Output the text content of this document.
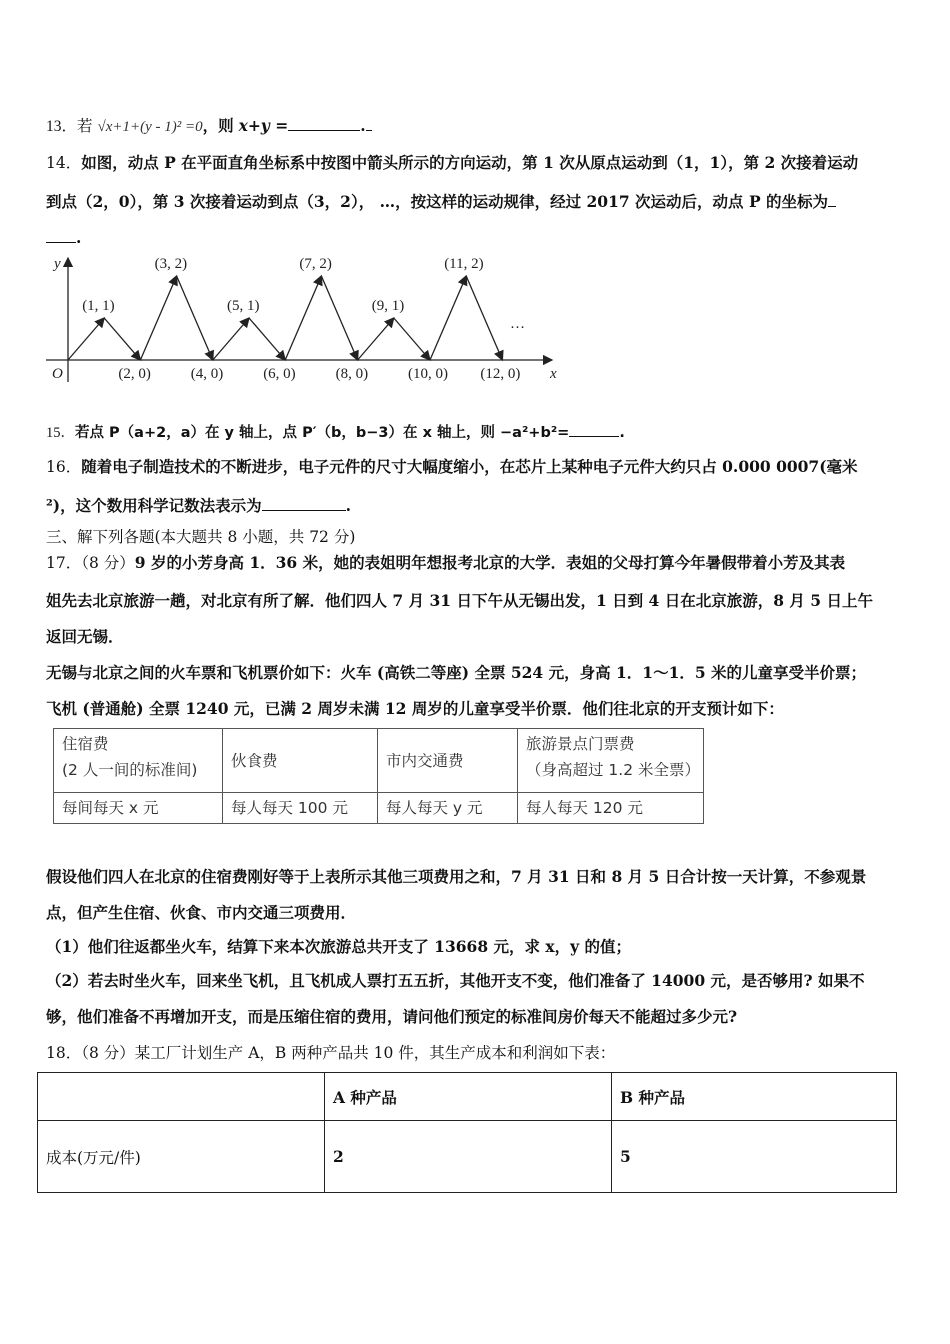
13．若 √x+1+(y - 1)² =0，则 x+y =	.
14．如图，动点 P 在平面直角坐标系中按图中箭头所示的方向运动，第 1 次从原点运动到（1，1），第 2 次接着运动
到点（2，0），第 3 次接着运动到点（3，2）， …，按这样的运动规律，经过 2017 次运动后，动点 P 的坐标为
.
y
x
O
…
(1, 1)
(3, 2)
(5, 1)
(7, 2)
(9, 1)
(11, 2)
(2, 0)	(4, 0)	(6, 0)	(8, 0)	(10, 0) (12, 0)
15．若点 P（a+2，a）在 y 轴上，点 P′（b，b−3）在 x 轴上，则 −a²+b²=	.
16．随着电子制造技术的不断进步，电子元件的尺寸大幅度缩小，在芯片上某种电子元件大约只占 0.000 0007(毫米
²)，这个数用科学记数法表示为	.
三、解下列各题(本大题共 8 小题，共 72 分)
17．（8 分）9 岁的小芳身高 1．36 米，她的表姐明年想报考北京的大学．表姐的父母打算今年暑假带着小芳及其表
姐先去北京旅游一趟，对北京有所了解．他们四人 7 月 31 日下午从无锡出发，1 日到 4 日在北京旅游，8 月 5 日上午
返回无锡．
无锡与北京之间的火车票和飞机票价如下：火车 (高铁二等座) 全票 524 元，身高 1．1～1．5 米的儿童享受半价票；
飞机 (普通舱) 全票 1240 元，已满 2 周岁未满 12 周岁的儿童享受半价票．他们往北京的开支预计如下：
住宿费
(2 人一间的标准间)	伙食费	市内交通费	旅游景点门票费
（身高超过 1.2 米全票）
每间每天 x 元	每人每天 100 元	每人每天 y 元	每人每天 120 元
假设他们四人在北京的住宿费刚好等于上表所示其他三项费用之和，7 月 31 日和 8 月 5 日合计按一天计算，不参观景
点，但产生住宿、伙食、市内交通三项费用．
（1）他们往返都坐火车，结算下来本次旅游总共开支了 13668 元，求 x，y 的值；
（2）若去时坐火车，回来坐飞机，且飞机成人票打五五折，其他开支不变，他们准备了 14000 元，是否够用? 如果不
够，他们准备不再增加开支，而是压缩住宿的费用，请问他们预定的标准间房价每天不能超过多少元?
18．（8 分）某工厂计划生产 A，B 两种产品共 10 件，其生产成本和利润如下表：
	A 种产品	B 种产品
成本(万元/件)	2	5
